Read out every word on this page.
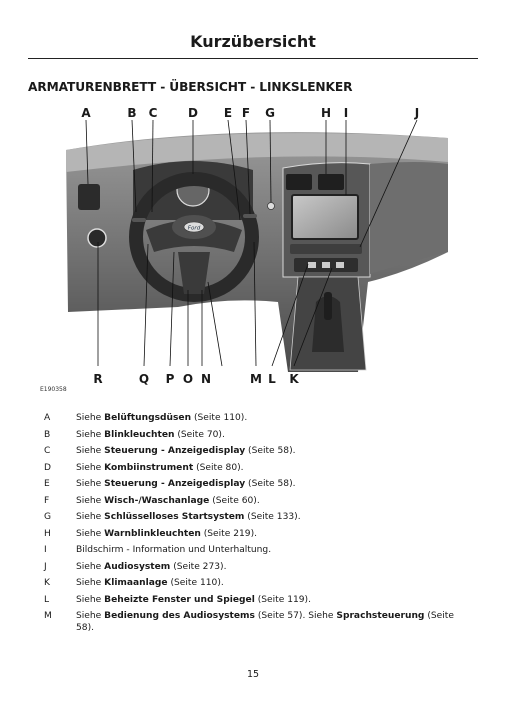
Kurzübersicht
ARMATURENBRETT - ÜBERSICHT - LINKSLENKER
Ford
A	B C	D	E F	G	H	I	J
R	Q P O N	M L	K
E190358
A	Siehe Belüftungsdüsen (Seite 110).
B	Siehe Blinkleuchten (Seite 70).
C	Siehe Steuerung - Anzeigedisplay (Seite 58).
D	Siehe Kombiinstrument (Seite 80).
E	Siehe Steuerung - Anzeigedisplay (Seite 58).
F	Siehe Wisch-/Waschanlage (Seite 60).
G	Siehe Schlüsselloses Startsystem (Seite 133).
H	Siehe Warnblinkleuchten (Seite 219).
I	Bildschirm - Information und Unterhaltung.
J	Siehe Audiosystem (Seite 273).
K	Siehe Klimaanlage (Seite 110).
L	Siehe Beheizte Fenster und Spiegel (Seite 119).
M	Siehe Bedienung des Audiosystems (Seite 57). Siehe Sprachsteuerung (Seite 58).
15
